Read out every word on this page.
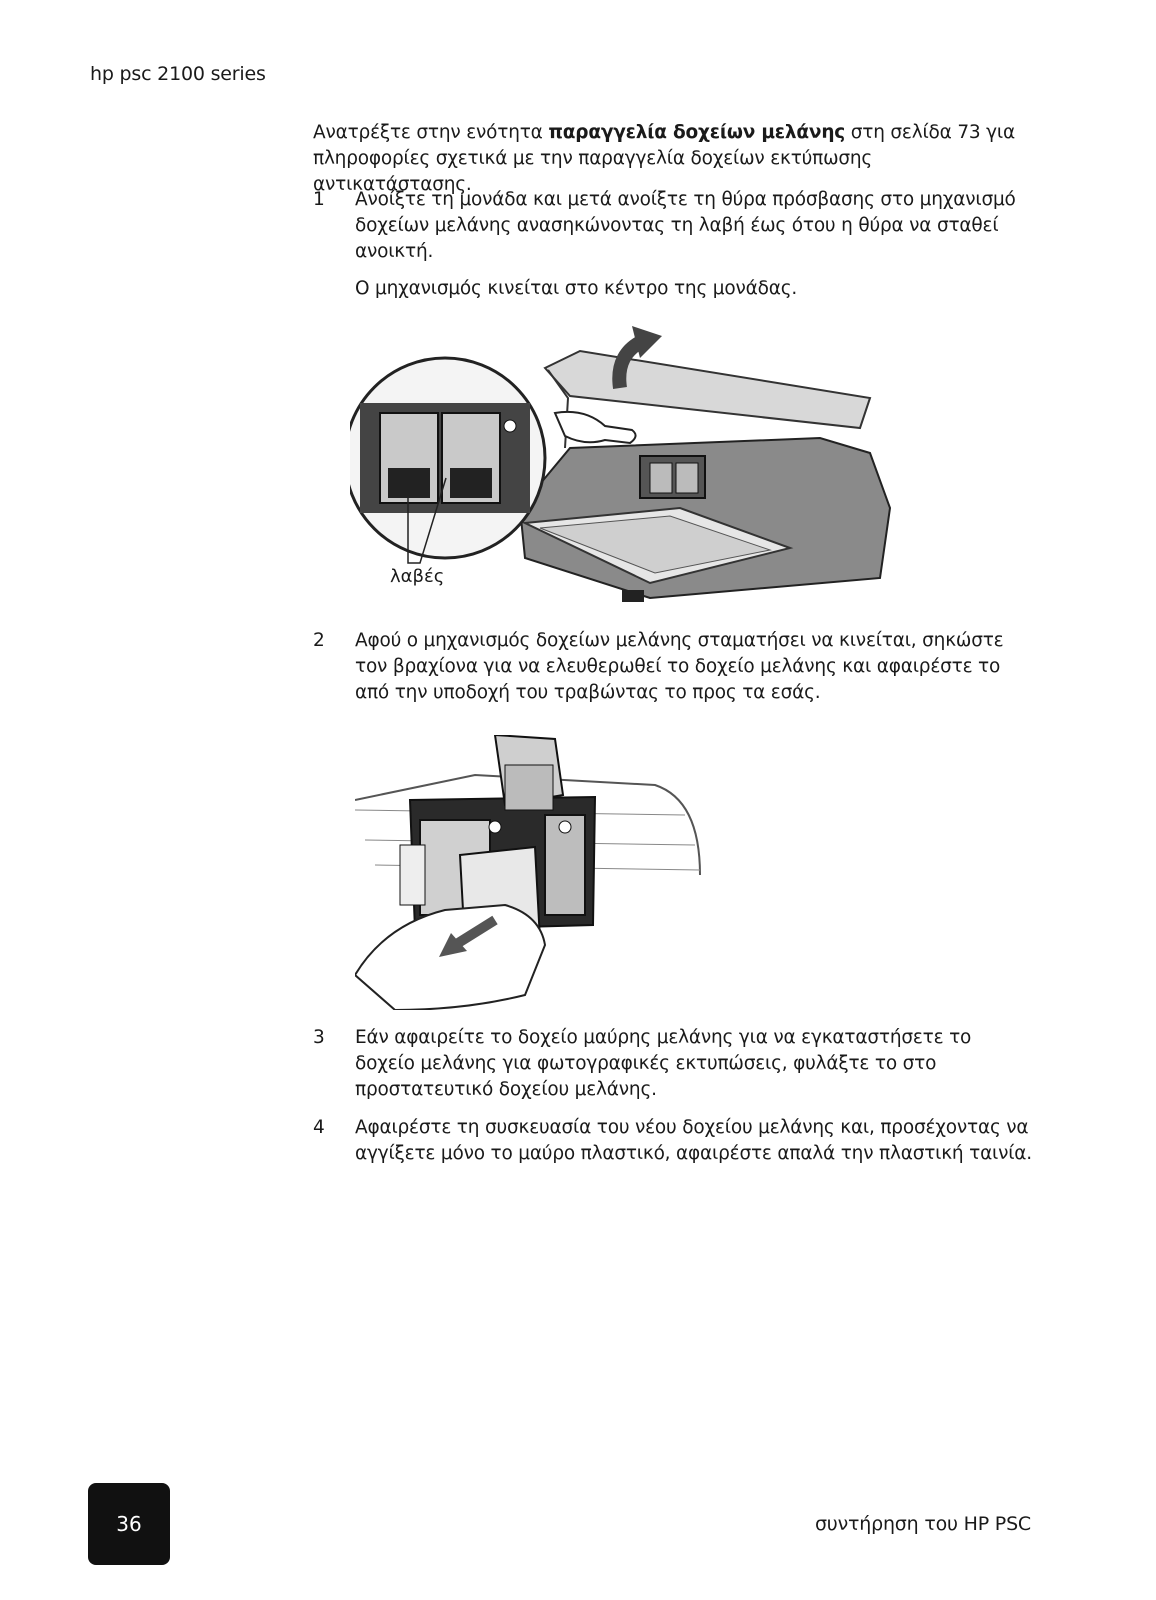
hp psc 2100 series

Ανατρέξτε στην ενότητα παραγγελία δοχείων μελάνης στη σελίδα 73 για πληροφορίες σχετικά με την παραγγελία δοχείων εκτύπωσης αντικατάστασης.

1	Ανοίξτε τη μονάδα και μετά ανοίξτε τη θύρα πρόσβασης στο μηχανισμό δοχείων μελάνης ανασηκώνοντας τη λαβή έως ότου η θύρα να σταθεί ανοικτή.
Ο μηχανισμός κινείται στο κέντρο της μονάδας.
2	Αφού ο μηχανισμός δοχείων μελάνης σταματήσει να κινείται, σηκώστε τον βραχίονα για να ελευθερωθεί το δοχείο μελάνης και αφαιρέστε το από την υποδοχή του τραβώντας το προς τα εσάς.
3	Εάν αφαιρείτε το δοχείο μαύρης μελάνης για να εγκαταστήσετε το δοχείο μελάνης για φωτογραφικές εκτυπώσεις, φυλάξτε το στο προστατευτικό δοχείου μελάνης.
4	Αφαιρέστε τη συσκευασία του νέου δοχείου μελάνης και, προσέχοντας να αγγίξετε μόνο το μαύρο πλαστικό, αφαιρέστε απαλά την πλαστική ταινία.
λαβές
36	συντήρηση του HP PSC
